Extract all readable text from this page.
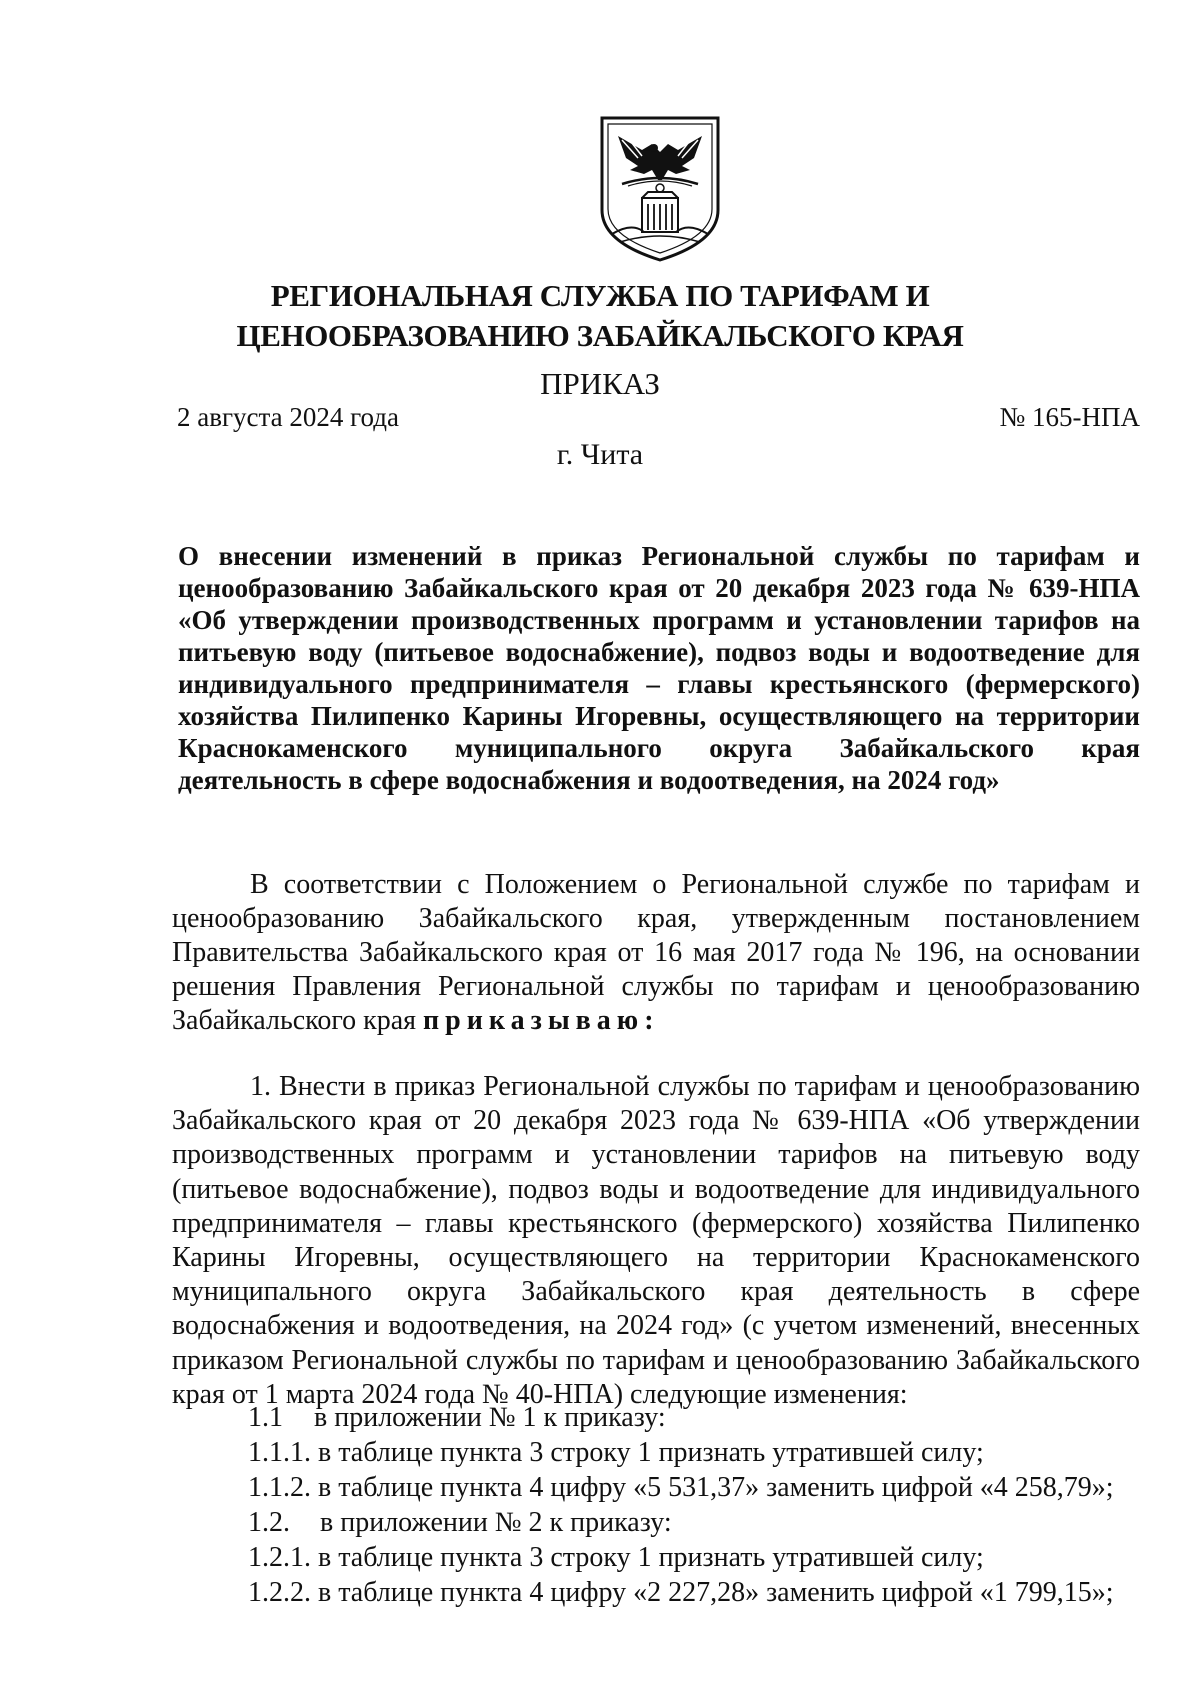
РЕГИОНАЛЬНАЯ СЛУЖБА ПО ТАРИФАМ И
ЦЕНООБРАЗОВАНИЮ ЗАБАЙКАЛЬСКОГО КРАЯ
ПРИКАЗ
2 августа 2024 года	№ 165-НПА
г. Чита

О внесении изменений в приказ Региональной службы по тарифам и ценообразованию Забайкальского края от 20 декабря 2023 года № 639-НПА «Об утверждении производственных программ и установлении тарифов на питьевую воду (питьевое водоснабжение), подвоз воды и водоотведение для индивидуального предпринимателя – главы крестьянского (фермерского) хозяйства Пилипенко Карины Игоревны, осуществляющего на территории Краснокаменского муниципального округа Забайкальского края деятельность в сфере водоснабжения и водоотведения, на 2024 год»

В соответствии с Положением о Региональной службе по тарифам и ценообразованию Забайкальского края, утвержденным постановлением Правительства Забайкальского края от 16 мая 2017 года № 196, на основании решения Правления Региональной службы по тарифам и ценообразованию Забайкальского края приказываю:

1. Внести в приказ Региональной службы по тарифам и ценообразованию Забайкальского края от 20 декабря 2023 года № 639-НПА «Об утверждении производственных программ и установлении тарифов на питьевую воду (питьевое водоснабжение), подвоз воды и водоотведение для индивидуального предпринимателя – главы крестьянского (фермерского) хозяйства Пилипенко Карины Игоревны, осуществляющего на территории Краснокаменского муниципального округа Забайкальского края деятельность в сфере водоснабжения и водоотведения, на 2024 год» (с учетом изменений, внесенных приказом Региональной службы по тарифам и ценообразованию Забайкальского края от 1 марта 2024 года № 40-НПА) следующие изменения:

1.1 в приложении № 1 к приказу:
1.1.1. в таблице пункта 3 строку 1 признать утратившей силу;
1.1.2. в таблице пункта 4 цифру «5 531,37» заменить цифрой «4 258,79»;
1.2. в приложении № 2 к приказу:
1.2.1. в таблице пункта 3 строку 1 признать утратившей силу;
1.2.2. в таблице пункта 4 цифру «2 227,28» заменить цифрой «1 799,15»;
